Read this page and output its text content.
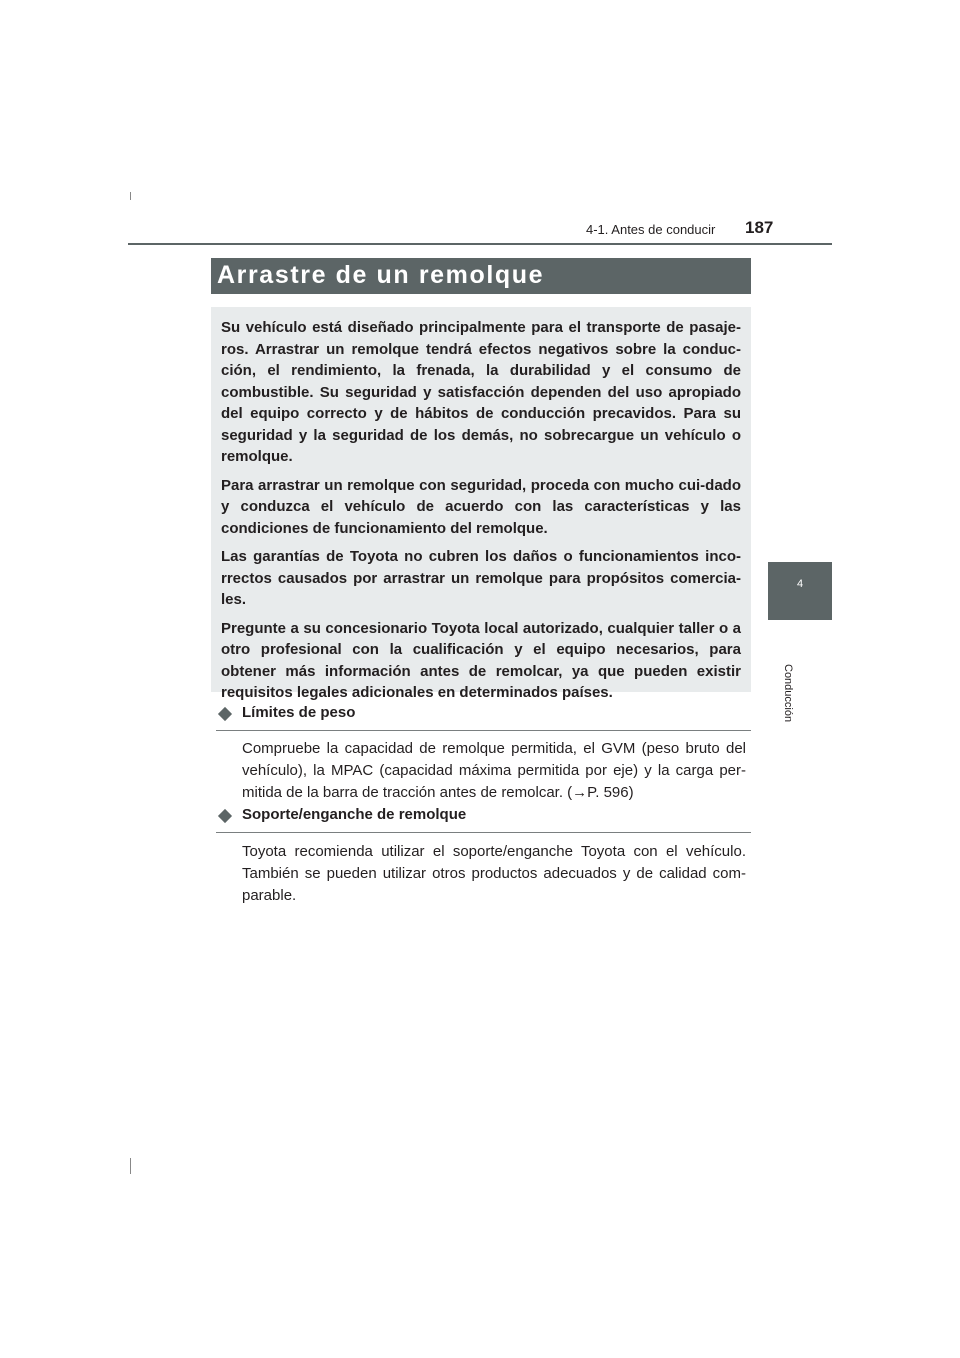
4-1. Antes de conducir 187
4
Conducción
Arrastre de un remolque

Su vehículo está diseñado principalmente para el transporte de pasaje-ros. Arrastrar un remolque tendrá efectos negativos sobre la conduc-ción, el rendimiento, la frenada, la durabilidad y el consumo de combustible. Su seguridad y satisfacción dependen del uso apropiado del equipo correcto y de hábitos de conducción precavidos. Para su seguridad y la seguridad de los demás, no sobrecargue un vehículo o remolque.

Para arrastrar un remolque con seguridad, proceda con mucho cui-dado y conduzca el vehículo de acuerdo con las características y las condiciones de funcionamiento del remolque.

Las garantías de Toyota no cubren los daños o funcionamientos inco-rrectos causados por arrastrar un remolque para propósitos comercia-les.

Pregunte a su concesionario Toyota local autorizado, cualquier taller o a otro profesional con la cualificación y el equipo necesarios, para obtener más información antes de remolcar, ya que pueden existir requisitos legales adicionales en determinados países.

Límites de peso

Compruebe la capacidad de remolque permitida, el GVM (peso bruto del vehículo), la MPAC (capacidad máxima permitida por eje) y la carga per-mitida de la barra de tracción antes de remolcar. (→P. 596)

Soporte/enganche de remolque

Toyota recomienda utilizar el soporte/enganche Toyota con el vehículo. También se pueden utilizar otros productos adecuados y de calidad com-parable.
